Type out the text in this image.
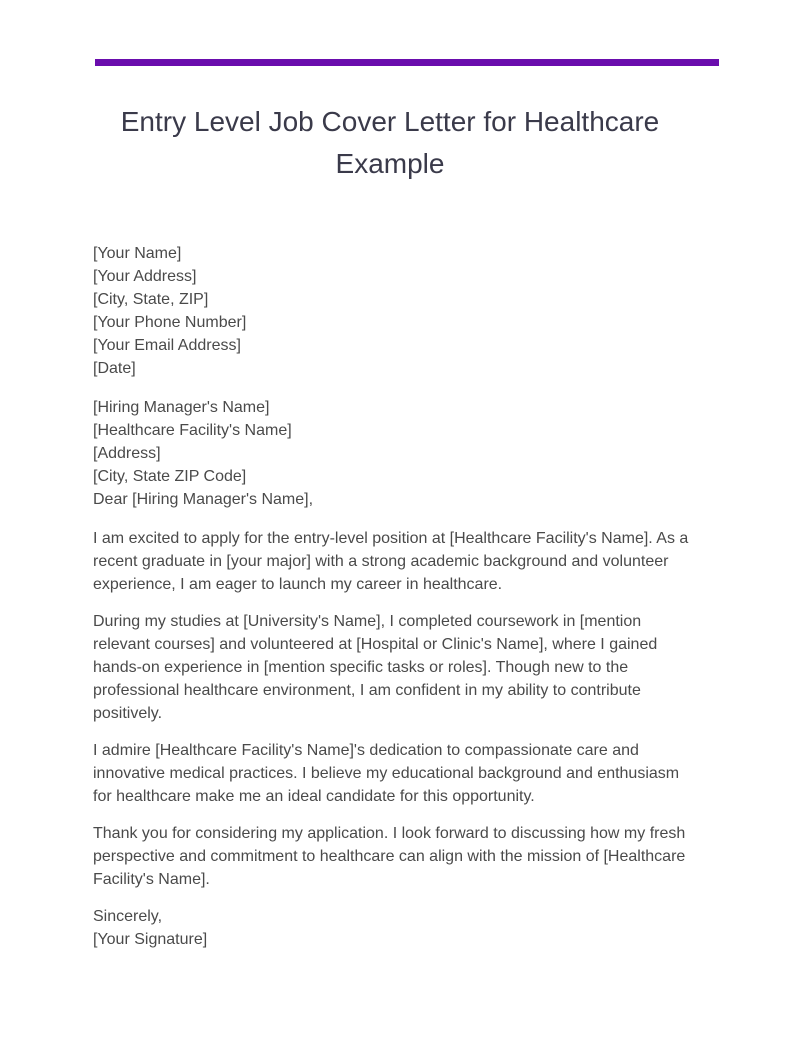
Entry Level Job Cover Letter for Healthcare Example
[Your Name]
[Your Address]
[City, State, ZIP]
[Your Phone Number]
[Your Email Address]
[Date]
[Hiring Manager's Name]
[Healthcare Facility's Name]
[Address]
[City, State ZIP Code]
Dear [Hiring Manager's Name],

I am excited to apply for the entry-level position at [Healthcare Facility's Name]. As a recent graduate in [your major] with a strong academic background and volunteer experience, I am eager to launch my career in healthcare.

During my studies at [University's Name], I completed coursework in [mention relevant courses] and volunteered at [Hospital or Clinic's Name], where I gained hands-on experience in [mention specific tasks or roles]. Though new to the professional healthcare environment, I am confident in my ability to contribute positively.

I admire [Healthcare Facility's Name]'s dedication to compassionate care and innovative medical practices. I believe my educational background and enthusiasm for healthcare make me an ideal candidate for this opportunity.

Thank you for considering my application. I look forward to discussing how my fresh perspective and commitment to healthcare can align with the mission of [Healthcare Facility's Name].

Sincerely,
[Your Signature]
